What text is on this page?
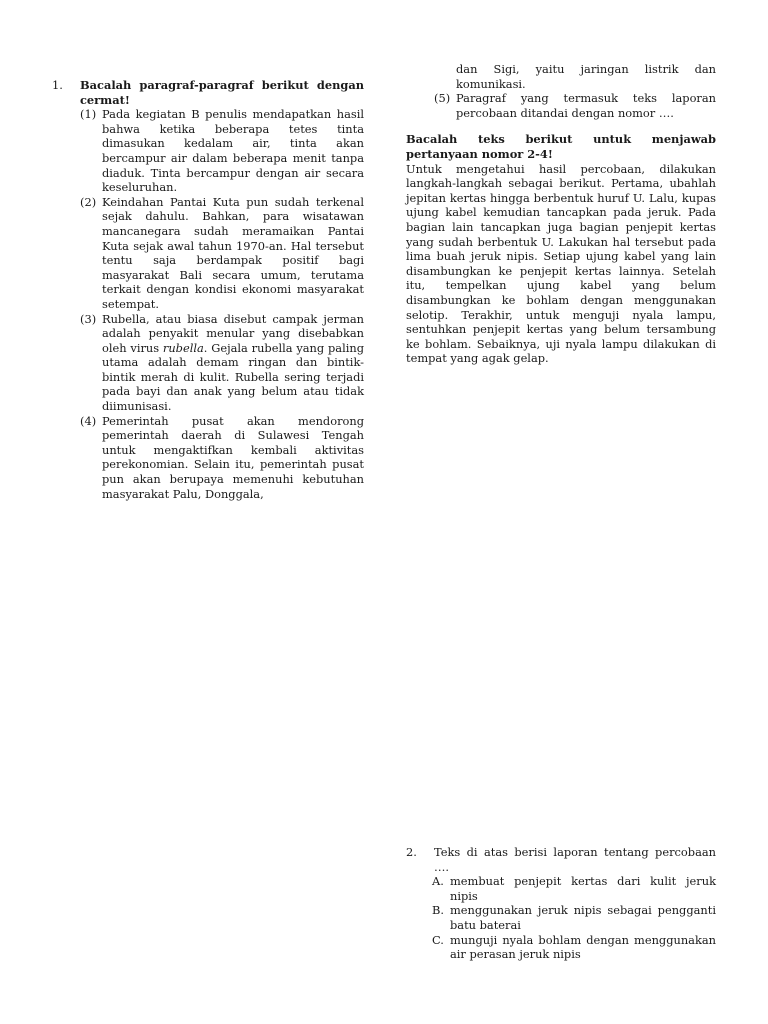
1.	Bacalah paragraf-paragraf berikut dengan cermat!
(1) Pada kegiatan B penulis mendapatkan hasil bahwa ketika beberapa tetes tinta dimasukan kedalam air, tinta akan bercampur air dalam beberapa menit tanpa diaduk. Tinta bercampur dengan air secara keseluruhan.
(2) Keindahan Pantai Kuta pun sudah terkenal sejak dahulu. Bahkan, para wisatawan mancanegara sudah meramaikan Pantai Kuta sejak awal tahun 1970-an. Hal tersebut tentu saja berdampak positif bagi masyarakat Bali secara umum, terutama terkait dengan kondisi ekonomi masyarakat setempat.
(3) Rubella, atau biasa disebut campak jerman adalah penyakit menular yang disebabkan oleh virus rubella. Gejala rubella yang paling utama adalah demam ringan dan bintik-bintik merah di kulit. Rubella sering terjadi pada bayi dan anak yang belum atau tidak diimunisasi.
(4) Pemerintah pusat akan mendorong pemerintah daerah di Sulawesi Tengah untuk mengaktifkan kembali aktivitas perekonomian. Selain itu, pemerintah pusat pun akan berupaya memenuhi kebutuhan masyarakat Palu, Donggala,
dan Sigi, yaitu jaringan listrik dan komunikasi.
(5) Paragraf yang termasuk teks laporan percobaan ditandai dengan nomor ….
Bacalah teks berikut untuk menjawab pertanyaan nomor 2-4!
Untuk mengetahui hasil percobaan, dilakukan langkah-langkah sebagai berikut. Pertama, ubahlah jepitan kertas hingga berbentuk huruf U. Lalu, kupas ujung kabel kemudian tancapkan pada jeruk. Pada bagian lain tancapkan juga bagian penjepit kertas yang sudah berbentuk U. Lakukan hal tersebut pada lima buah jeruk nipis. Setiap ujung kabel yang lain disambungkan ke penjepit kertas lainnya. Setelah itu, tempelkan ujung kabel yang belum disambungkan ke bohlam dengan menggunakan selotip. Terakhir, untuk menguji nyala lampu, sentuhkan penjepit kertas yang belum tersambung ke bohlam. Sebaiknya, uji nyala lampu dilakukan di tempat yang agak gelap.
2.	Teks di atas berisi laporan tentang percobaan ….
A. membuat penjepit kertas dari kulit jeruk nipis
B. menggunakan jeruk nipis sebagai pengganti batu baterai
C. munguji nyala bohlam dengan menggunakan air perasan jeruk nipis
